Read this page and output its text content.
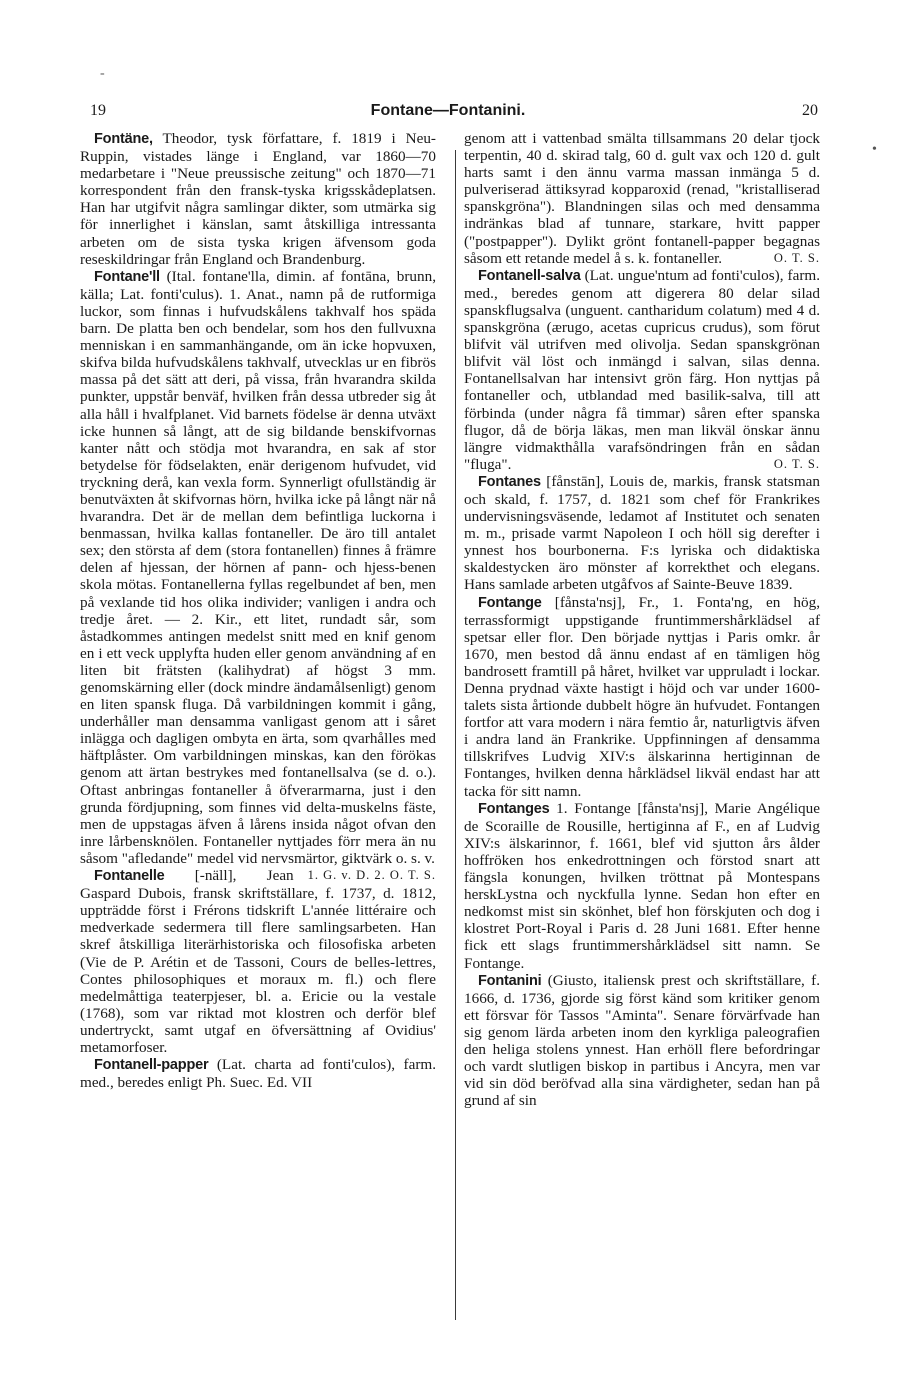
-
•
19	Fontane—Fontanini.	20

Fontäne, Theodor, tysk författare, f. 1819 i Neu-Ruppin, vistades länge i England, var 1860—70 medarbetare i "Neue preussische zeitung" och 1870—71 korrespondent från den fransk-tyska krigsskådeplatsen. Han har utgifvit några samlingar dikter, som utmärka sig för innerlighet i känslan, samt åtskilliga intressanta arbeten om de sista tyska krigen äfvensom goda reseskildringar från England och Brandenburg.

Fontane'll (Ital. fontane'lla, dimin. af fontāna, brunn, källa; Lat. fonti'culus). 1. Anat., namn på de rutformiga luckor, som finnas i hufvudskålens takhvalf hos späda barn. De platta ben och bendelar, som hos den fullvuxna menniskan i en sammanhängande, om än icke hopvuxen, skifva bilda hufvudskålens takhvalf, utvecklas ur en fibrös massa på det sätt att deri, på vissa, från hvarandra skilda punkter, uppstår benväf, hvilken från dessa utbreder sig åt alla håll i hvalfplanet. Vid barnets födelse är denna utväxt icke hunnen så långt, att de sig bildande benskifvornas kanter nått och stödja mot hvarandra, en sak af stor betydelse för födselakten, enär derigenom hufvudet, vid tryckning derå, kan vexla form. Synnerligt ofullständig är benutväxten åt skifvornas hörn, hvilka icke på långt när nå hvarandra. Det är de mellan dem befintliga luckorna i benmassan, hvilka kallas fontaneller. De äro till antalet sex; den största af dem (stora fontanellen) finnes å främre delen af hjessan, der hörnen af pann- och hjess-benen skola mötas. Fontanellerna fyllas regelbundet af ben, men på vexlande tid hos olika individer; vanligen i andra och tredje året. — 2. Kir., ett litet, rundadt sår, som åstadkommes antingen medelst snitt med en knif genom en i ett veck upplyfta huden eller genom användning af en liten bit frätsten (kalihydrat) af högst 3 mm. genomskärning eller (dock mindre ändamålsenligt) genom en liten spansk fluga. Då varbildningen kommit i gång, underhåller man densamma vanligast genom att i såret inlägga och dagligen ombyta en ärta, som qvarhålles med häftplåster. Om varbildningen minskas, kan den förökas genom att ärtan bestrykes med fontanellsalva (se d. o.). Oftast anbringas fontaneller å öfverarmarna, just i den grunda fördjupning, som finnes vid delta-muskelns fäste, men de uppstagas äfven å lårens insida något ofvan den inre lårbensknölen. Fontaneller nyttjades förr mera än nu såsom "afledande" medel vid nervsmärtor, giktvärk o. s. v.
1. G. v. D. 2. O. T. S.

Fontanelle [-näll], Jean Gaspard Dubois, fransk skriftställare, f. 1737, d. 1812, uppträdde först i Frérons tidskrift L'année littéraire och medverkade sedermera till flere samlingsarbeten. Han skref åtskilliga literärhistoriska och filosofiska arbeten (Vie de P. Arétin et de Tassoni, Cours de belles-lettres, Contes philosophiques et moraux m. fl.) och flere medelmåttiga teaterpjeser, bl. a. Ericie ou la vestale (1768), som var riktad mot klostren och derför blef undertryckt, samt utgaf en öfversättning af Ovidius' metamorfoser.

Fontanell-papper (Lat. charta ad fonti'culos), farm. med., beredes enligt Ph. Suec. Ed. VII

genom att i vattenbad smälta tillsammans 20 delar tjock terpentin, 40 d. skirad talg, 60 d. gult vax och 120 d. gult harts samt i den ännu varma massan inmänga 5 d. pulveriserad ättiksyrad kopparoxid (renad, "kristalliserad spanskgröna"). Blandningen silas och med densamma indränkas blad af tunnare, starkare, hvitt papper ("postpapper"). Dylikt grönt fontanell-papper begagnas såsom ett retande medel å s. k. fontaneller.	O. T. S.

Fontanell-salva (Lat. ungue'ntum ad fonti'culos), farm. med., beredes genom att digerera 80 delar silad spanskflugsalva (unguent. cantharidum colatum) med 4 d. spanskgröna (ærugo, acetas cupricus crudus), som förut blifvit väl utrifven med olivolja. Sedan spanskgrönan blifvit väl löst och inmängd i salvan, silas denna. Fontanellsalvan har intensivt grön färg. Hon nyttjas på fontaneller och, utblandad med basilik-salva, till att förbinda (under några få timmar) såren efter spanska flugor, då de börja läkas, men man likväl önskar ännu längre vidmakthålla varafsöndringen från en sådan "fluga".	O. T. S.

Fontanes [fånstān], Louis de, markis, fransk statsman och skald, f. 1757, d. 1821 som chef för Frankrikes undervisningsväsende, ledamot af Institutet och senaten m. m., prisade varmt Napoleon I och höll sig derefter i ynnest hos bourbonerna. F:s lyriska och didaktiska skaldestycken äro mönster af korrekthet och elegans. Hans samlade arbeten utgåfvos af Sainte-Beuve 1839.

Fontange [fånsta'nsj], Fr., 1. Fonta'ng, en hög, terrassformigt uppstigande fruntimmershårklädsel af spetsar eller flor. Den började nyttjas i Paris omkr. år 1670, men bestod då ännu endast af en tämligen hög bandrosett framtill på håret, hvilket var uppruladt i lockar. Denna prydnad växte hastigt i höjd och var under 1600-talets sista årtionde dubbelt högre än hufvudet. Fontangen fortfor att vara modern i nära femtio år, naturligtvis äfven i andra land än Frankrike. Uppfinningen af densamma tillskrifves Ludvig XIV:s älskarinna hertiginnan de Fontanges, hvilken denna hårklädsel likväl endast har att tacka för sitt namn.

Fontanges 1. Fontange [fånsta'nsj], Marie Angélique de Scoraille de Rousille, hertiginna af F., en af Ludvig XIV:s älskarinnor, f. 1661, blef vid sjutton års ålder hoffröken hos enkedrottningen och förstod snart att fängsla konungen, hvilken tröttnat på Montespans herskLystna och nyckfulla lynne. Sedan hon efter en nedkomst mist sin skönhet, blef hon förskjuten och dog i klostret Port-Royal i Paris d. 28 Juni 1681. Efter henne fick ett slags fruntimmershårklädsel sitt namn. Se Fontange.

Fontanini (Giusto, italiensk prest och skriftställare, f. 1666, d. 1736, gjorde sig först känd som kritiker genom ett försvar för Tassos "Aminta". Senare förvärfvade han sig genom lärda arbeten inom den kyrkliga paleografien den heliga stolens ynnest. Han erhöll flere befordringar och vardt slutligen biskop in partibus i Ancyra, men var vid sin död beröfvad alla sina värdigheter, sedan han på grund af sin
